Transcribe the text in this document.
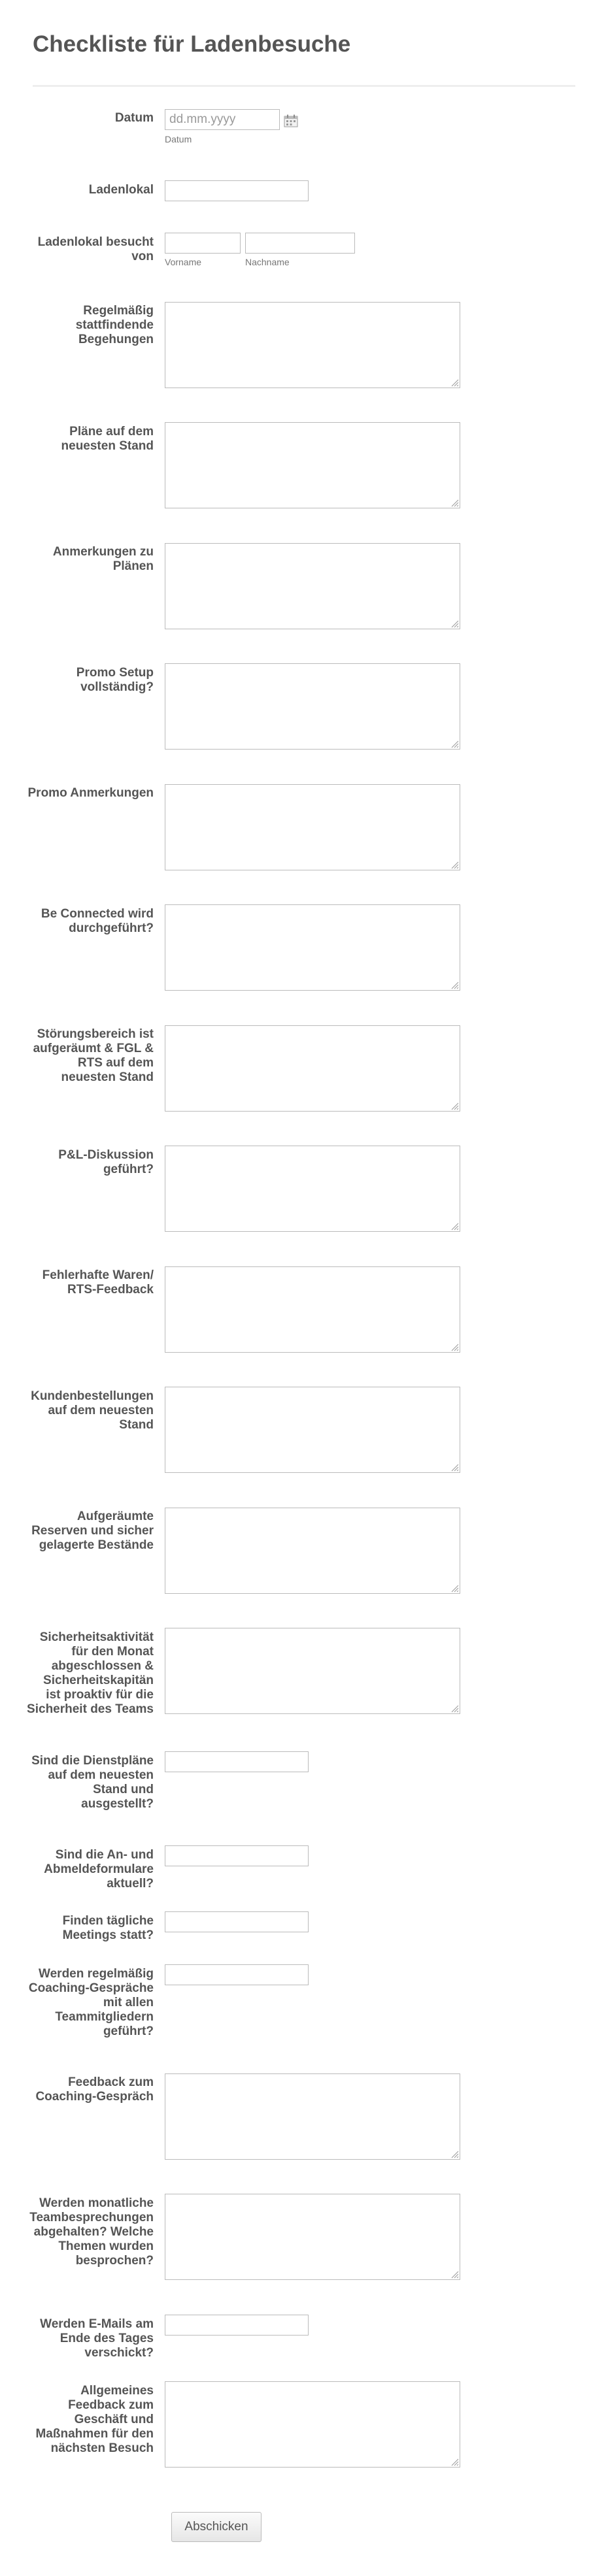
Checkliste für Ladenbesuche
Datum
dd.mm.yyyy
Datum
Ladenlokal
Ladenlokal besucht von Vorname	Nachname
Regelmäßig stattfindende Begehungen
Pläne auf dem neuesten Stand
Anmerkungen zu Plänen
Promo Setup vollständig?
Promo Anmerkungen
Be Connected wird durchgeführt?
Störungsbereich ist aufgeräumt & FGL & RTS auf dem neuesten Stand
P&L-Diskussion geführt?
Fehlerhafte Waren/ RTS-Feedback
Kundenbestellungen auf dem neuesten Stand
Aufgeräumte Reserven und sicher gelagerte Bestände
Sicherheitsaktivität für den Monat abgeschlossen & Sicherheitskapitän ist proaktiv für die Sicherheit des Teams
Sind die Dienstpläne auf dem neuesten Stand und ausgestellt?
Sind die An- und Abmeldeformulare aktuell?
Finden tägliche Meetings statt?
Werden regelmäßig Coaching-Gespräche mit allen Teammitgliedern geführt?
Feedback zum Coaching-Gespräch
Werden monatliche Teambesprechungen abgehalten? Welche Themen wurden besprochen?
Werden E-Mails am Ende des Tages verschickt?
Allgemeines Feedback zum Geschäft und Maßnahmen für den nächsten Besuch
Abschicken
